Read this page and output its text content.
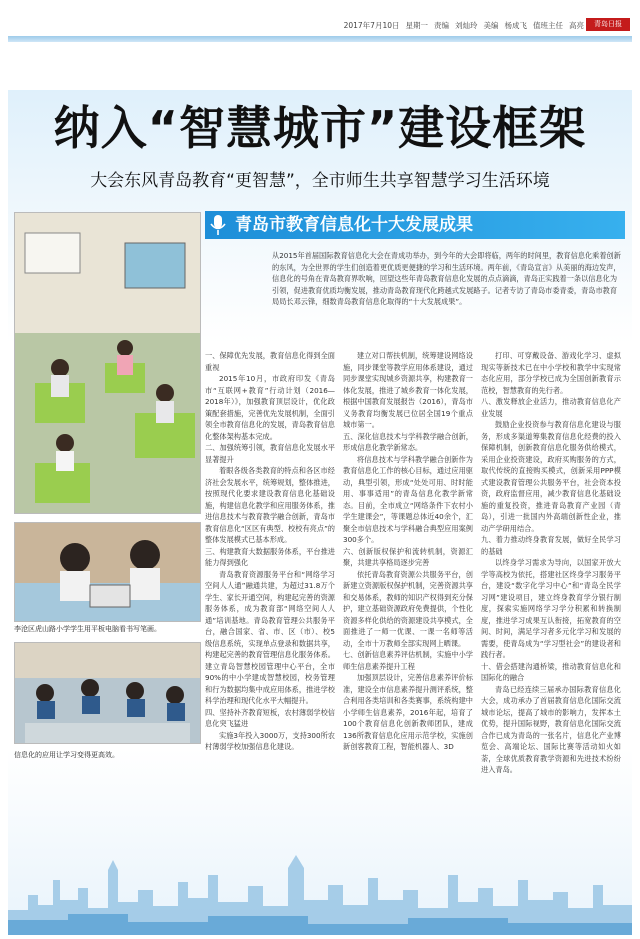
2017年7月10日 星期一 责编 刘灿玲 美编 杨成飞 值班主任 高亮	青岛日报
纳入“智慧城市”建设框架
大会东风青岛教育“更智慧”，全市师生共享智慧学习生活环境
李沧区虎山路小学学生用平板电脑看书写笔画。
信息化的应用让学习变得更高效。
青岛市教育信息化十大发展成果
从2015年首届国际教育信息化大会在青成功举办，到今年的大会即将临，两年的时间里，教育信息化乘着创新的东风，为全世界的学生们创造着更优质更便捷的学习和生活环境。两年前，《青岛宣言》从美丽的海边发声，信息化的号角在青岛教育界吹响，回望这些年青岛教育信息化发展的点点滴滴，青岛正实践着一条以信息化为引领，促进教育优质均衡发展，推动青岛教育现代化跨越式发展路子。记者专访了青岛市委青委，青岛市教育局局长邓云锋，细数青岛教育信息化取得的“十大发展成果”。

一、保障优先发展，教育信息化得到全面重视

2015年10月，市政府印发《青岛市“互联网+教育”行动计划（2016—2018年）》，加强教育顶层设计，优化政策配套措施，完善优先发展机制，全面引领全市教育信息化的发展，青岛教育信息化整体架构基本完成。

二、加强统筹引领，教育信息化发展水平显著提升

着眼各级各类教育的特点和各区市经济社会发展水平，统筹规划，整体推进，按照现代化要求建设教育信息化基础设施，构建信息化教学和应用服务体系，推进信息技术与教育教学融合创新，青岛市教育信息化“区区有典型、校校有亮点”的整体发展模式已基本形成。

三、构建教育大数据服务体系，平台推进能力得到强化

青岛教育资源服务平台和“网络学习空间人人通”融通共建，为超过31.8万个学生、家长开通空间，构建起完善的资源服务体系，成为教育部“网络空间人人通”培训基地。青岛教育管理公共服务平台，融合国家、省、市、区（市）、校5级信息系统，实现单点登录和数据共享，构建起完善的教育管理信息化服务体系。建立青岛智慧校园管理中心平台，全市90%的中小学建成智慧校园，校务管理和行为数据均集中成应用体系，推进学校科学治理和现代化水平大幅提升。

四、坚持补齐教育短板，农村薄弱学校信息化突飞猛进

实施3年投入3000万，支持300所农村薄弱学校加强信息化建设。

建立对口帮扶机制，统筹建设网络设施，同步课堂等教学应用体系建设，通过同步课堂实现城乡资源共享，构建教育一体化发展，推进了城乡教育一体化发展，根据中国教育发展报告（2016），青岛市义务教育均衡发展已位居全国19个重点城市第一。

五、深化信息技术与学科教学融合创新，形成信息化教学新常态。

将信息技术与学科教学融合创新作为教育信息化工作的核心目标，通过应用驱动，典型引领，形成“处处可用、时时能用、事事适用”的青岛信息化教学新常态。目前，全市成立“网络条件下农村小学生建课会”，等课题总体近40余个，汇聚全市信息技术与学科融合典型应用案例300多个。

六、创新版权保护和流转机制，资源汇聚，共建共享格局逐步完善

依托青岛教育资源公共服务平台，创新建立资源版权保护机制，完善资源共享和交易体系，教师的知识产权得到充分保护，建立基础资源政府免费提供，个性化资源多样化供给的资源建设共享模式，全面推进了一师一优课、一课一名师等活动，全市十万教师全部实现网上晒课。

七、创新信息素养评估机制，实施中小学师生信息素养提升工程

加强顶层设计，完善信息素养评价标准，建设全市信息素养提升测评系统，整合利用各类培训和各类赛事，系统构建中小学师生信息素养，2016年起，培育了100个教育信息化创新教师团队，建成136所教育信息化应用示范学校，实施创新创客教育工程，智能机器人、3D

打印、可穿戴设备、游戏化学习、虚拟现实等新技术已在中小学校和教学中实现常态化应用，部分学校已成为全国创新教育示范校，智慧教育的先行者。

八、激发释放企业活力，推动教育信息化产业发展

鼓励企业投资参与教育信息化建设与服务，形成多渠道筹集教育信息化经费的投入保障机制，创新教育信息化服务供给模式，采用企业投资建设，政府买购服务的方式，取代传统的直接购买模式，创新采用PPP模式建设教育管理公共服务平台，社会资本投资，政府监督应用，减少教育信息化基础设施的重复投资，推进青岛教育产业园（青岛），引进一批国内外高端创新性企业，推动产学研用结合。

九、着力推动终身教育发展，做好全民学习的基础

以终身学习需求为导向，以国家开放大学等高校为依托，搭建社区终身学习服务平台，建设“数字化学习中心”和“青岛全民学习网”建设项目，建立终身教育学分银行制度，探索实施网络学习学分积累和转换制度，推进学习成果互认衔接，拓宽教育的空间、时间，满足学习者多元化学习和发展的需要，使青岛成为“学习型社会”的建设者和践行者。

十、借会搭建沟通桥梁，推动教育信息化和国际化的融合

青岛已经连续三届承办国际教育信息化大会，成功承办了首届教育信息化国际交流城市论坛，提高了城市的影响力，发挥本土优势，提升国际视野，教育信息化国际交流合作已成为青岛的一张名片，信息化产业博览会、高端论坛、国际比赛等活动如火如荼，全球优质教育教学资源和先进技术纷纷进入青岛。
